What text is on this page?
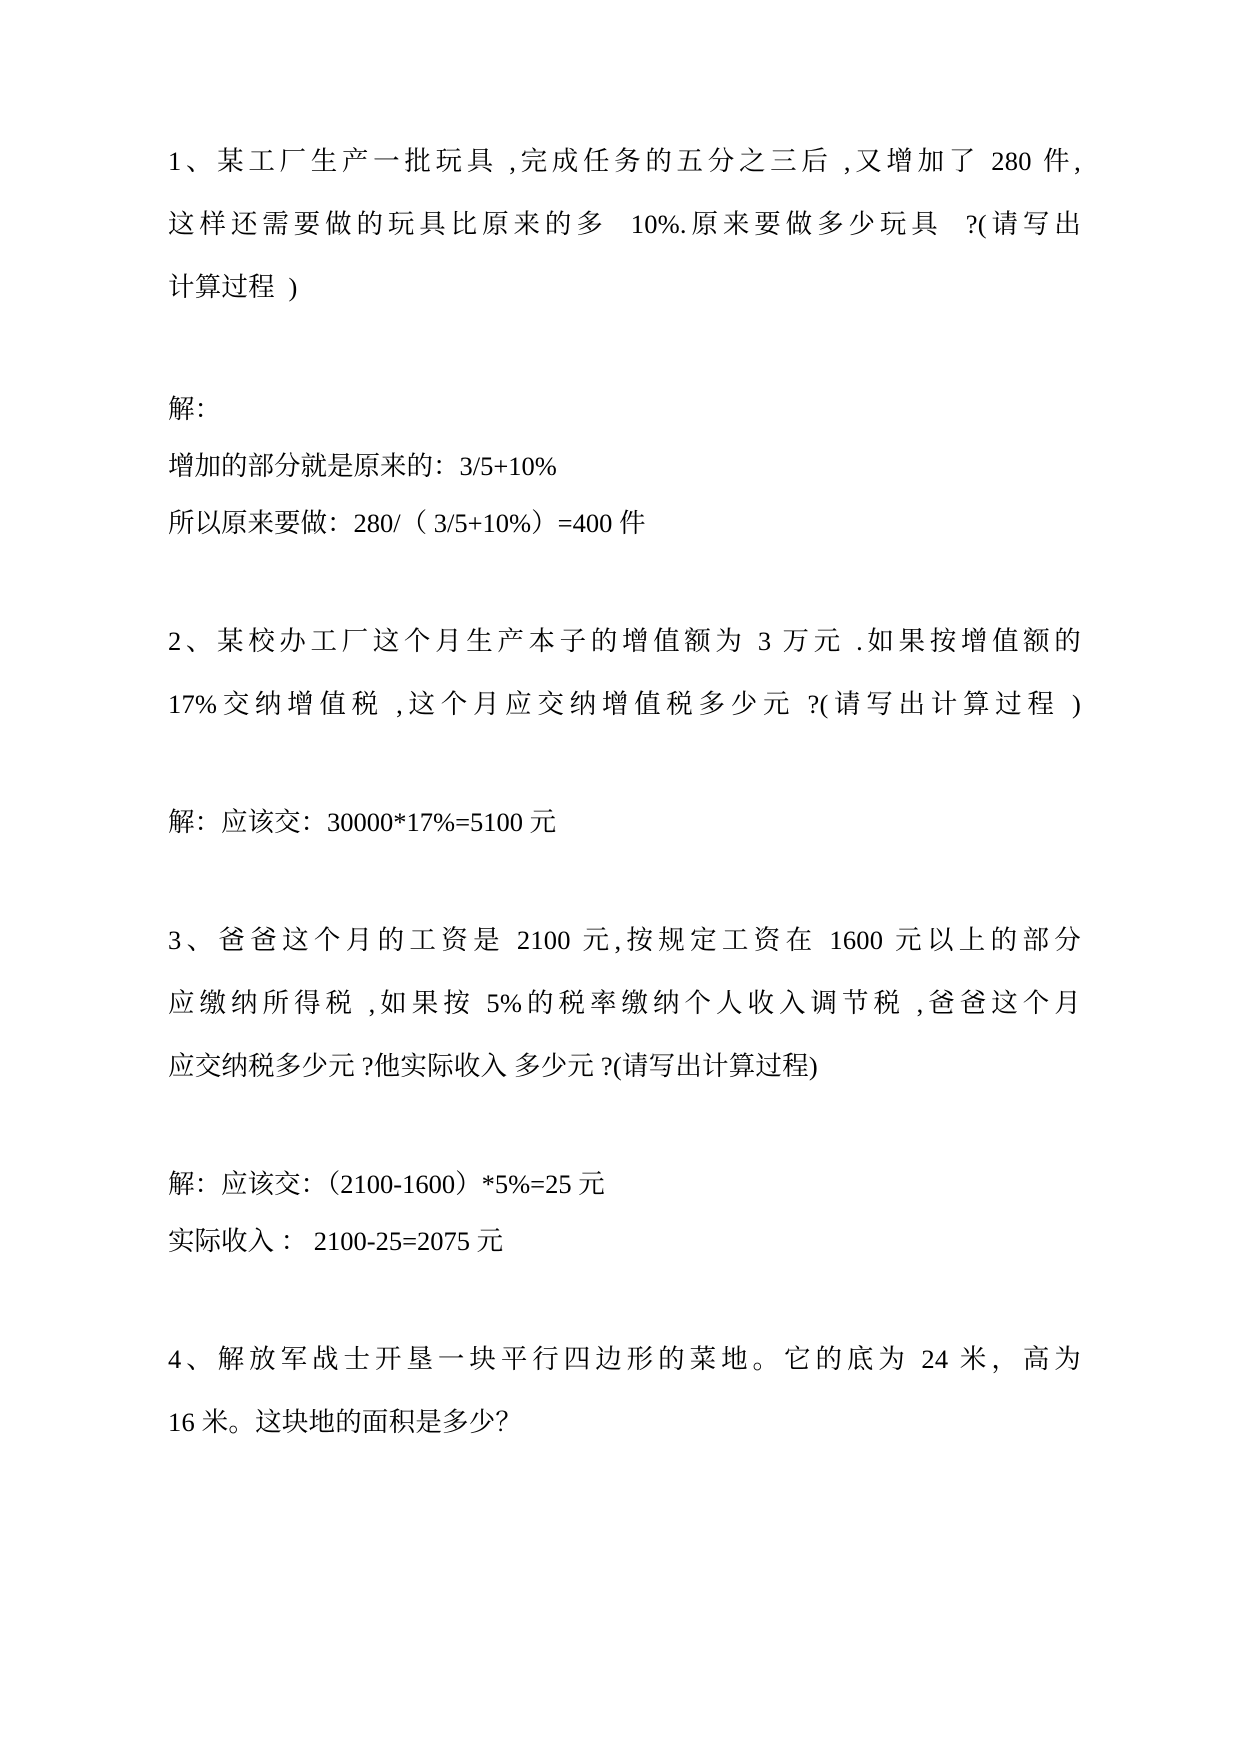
1、某工厂生产一批玩具 ,完成任务的五分之三后 ,又增加了 280 件,
这样还需要做的玩具比原来的多  10%.原来要做多少玩具  ?(请写出
计算过程  )
解：
增加的部分就是原来的：3/5+10%
所以原来要做：280/（ 3/5+10%）=400 件
2、某校办工厂这个月生产本子的增值额为 3 万元 .如果按增值额的
17%交纳增值税 ,这个月应交纳增值税多少元 ?(请写出计算过程 )
解：应该交：30000*17%=5100 元
3、爸爸这个月的工资是 2100 元,按规定工资在 1600 元以上的部分
应缴纳所得税 ,如果按 5%的税率缴纳个人收入调节税 ,爸爸这个月
应交纳税多少元 ?他实际收入 多少元 ?(请写出计算过程)
解：应该交：（2100-1600）*5%=25 元
实际收入 ： 2100-25=2075 元
4、解放军战士开垦一块平行四边形的菜地。它的底为 24 米，高为
16 米。这块地的面积是多少？
